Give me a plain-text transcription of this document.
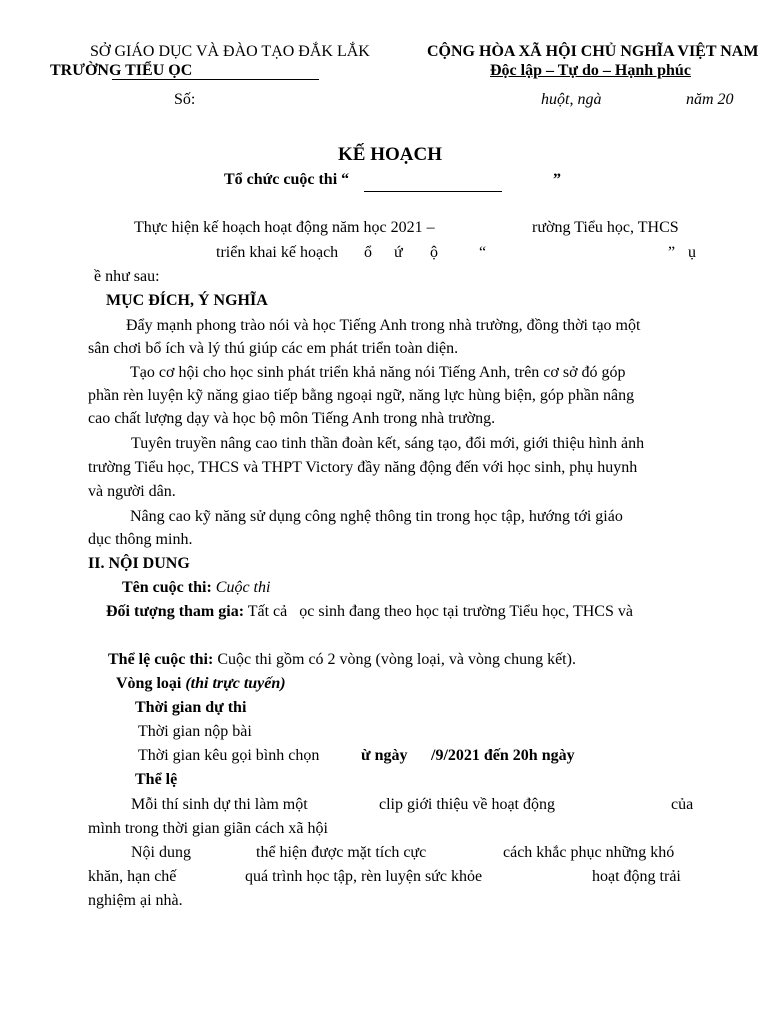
SỞ GIÁO DỤC VÀ ĐÀO TẠO ĐẮK LẮK
TRƯỜNG TIỂU ỌC
CỘNG HÒA XÃ HỘI CHỦ NGHĨA VIỆT NAM
Độc lập – Tự do – Hạnh phúc
Số:	huột, ngà	năm 20
KẾ HOẠCH
Tổ chức cuộc thi “	”
Thực hiện kế hoạch hoạt động năm học 2021 –	rường Tiểu học, THCS
triển khai kế hoạch ổ ứ ộ	“	” ụ
ề như sau:
MỤC ĐÍCH, Ý NGHĨA
Đẩy mạnh phong trào nói và học Tiếng Anh trong nhà trường, đồng thời tạo một
sân chơi bổ ích và lý thú giúp các em phát triển toàn diện.
Tạo cơ hội cho học sinh phát triển khả năng nói Tiếng Anh, trên cơ sở đó góp
phần rèn luyện kỹ năng giao tiếp bằng ngoại ngữ, năng lực hùng biện, góp phần nâng
cao chất lượng dạy và học bộ môn Tiếng Anh trong nhà trường.
Tuyên truyền nâng cao tinh thần đoàn kết, sáng tạo, đổi mới, giới thiệu hình ảnh
trường Tiểu học, THCS và THPT Victory đầy năng động đến với học sinh, phụ huynh
và người dân.
Nâng cao kỹ năng sử dụng công nghệ thông tin trong học tập, hướng tới giáo
dục thông minh.
II. NỘI DUNG
Tên cuộc thi: Cuộc thi
Đối tượng tham gia: Tất cả ọc sinh đang theo học tại trường Tiểu học, THCS và
Thể lệ cuộc thi: Cuộc thi gồm có 2 vòng (vòng loại, và vòng chung kết).
Vòng loại (thi trực tuyến)
Thời gian dự thi
Thời gian nộp bài
Thời gian kêu gọi bình chọn	ừ ngày /9/2021 đến 20h ngày
Thể lệ
Mỗi thí sinh dự thi làm một	clip giới thiệu về hoạt động	của
mình trong thời gian giãn cách xã hội
Nội dung	thể hiện được mặt tích cực	cách khắc phục những khó
khăn, hạn chế	quá trình học tập, rèn luyện sức khỏe	hoạt động trải
nghiệm ại nhà.
